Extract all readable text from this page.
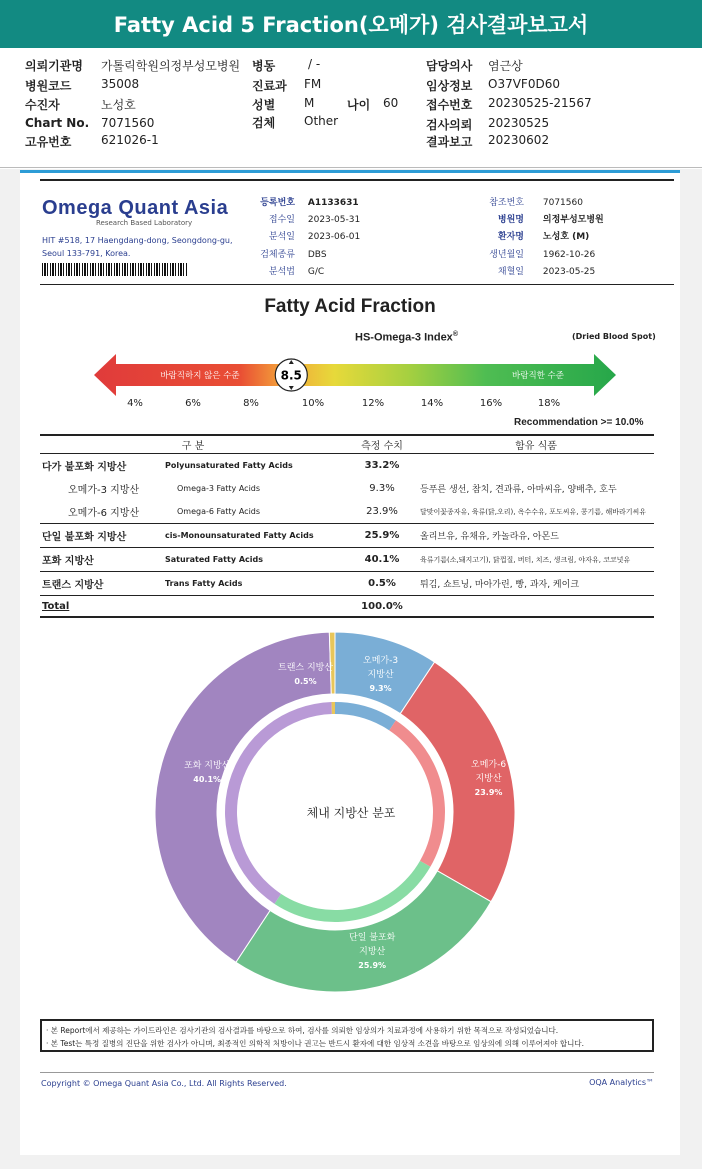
Fatty Acid 5 Fraction(오메가) 검사결과보고서
의뢰기관명 가톨릭학원의정부성모병원
병원코드 35008
수진자	노성호
Chart No. 7071560
고유번호 621026-1
병동	/ -
진료과 FM
성별 M
검체 Other
나이 60
담당의사 염근상
임상정보 O37VF0D60
접수번호 20230525-21567
검사의뢰 20230525
결과보고 20230602
Omega Quant Asia
Research Based Laboratory
HIT #518, 17 Haengdang-dong, Seongdong-gu,
Seoul 133-791, Korea.
등록번호 A1133631
접수일 2023-05-31
분석일 2023-06-01
검체종류 DBS
분석법 G/C
참조번호 7071560
병원명 의정부성모병원
환자명 노성호 (M)
생년월일 1962-10-26
채혈일 2023-05-25
Fatty Acid Fraction
HS-Omega-3 Index®	(Dried Blood Spot)
바람직하지 않은 수준	바람직한 수준
8.5
4%	6%	8%	10%	12%	14%	16%	18%
Recommendation >= 10.0%
구 분		측정 수치	함유 식품
다가 불포화 지방산	Polyunsaturated Fatty Acids	33.2%	
오메가-3 지방산	Omega-3 Fatty Acids	9.3%	등푸른 생선, 참치, 견과류, 아마씨유, 양배추, 호두
오메가-6 지방산	Omega-6 Fatty Acids	23.9%	달맞이꽃종자유, 육류(닭,오리), 옥수수유, 포도씨유, 콩기름, 해바라기씨유
단일 불포화 지방산	cis-Monounsaturated Fatty Acids	25.9%	올리브유, 유채유, 카놀라유, 아몬드
포화 지방산	Saturated Fatty Acids	40.1%	육류기름(소,돼지고기), 닭껍질, 버터, 치즈, 생크림, 야자유, 코코넛유
트랜스 지방산	Trans Fatty Acids	0.5%	튀김, 쇼트닝, 마아가린, 빵, 과자, 케이크
Total		100.0%	
오메가-3
지방산
9.3%
오메가-6
지방산
23.9%
단일 불포화
지방산
25.9%
포화 지방산
40.1%
트랜스 지방산
0.5%
체내 지방산 분포
· 본 Report에서 제공하는 가이드라인은 검사기관의 검사결과를 바탕으로 하여, 검사를 의뢰한 임상의가 치료과정에 사용하기 위한 목적으로 작성되었습니다.
· 본 Test는 특정 질병의 진단을 위한 검사가 아니며, 최종적인 의학적 처방이나 권고는 반드시 환자에 대한 임상적 소견을 바탕으로 임상의에 의해 이루어져야 합니다.
Copyright © Omega Quant Asia Co., Ltd. All Rights Reserved.	OQA Analytics™
